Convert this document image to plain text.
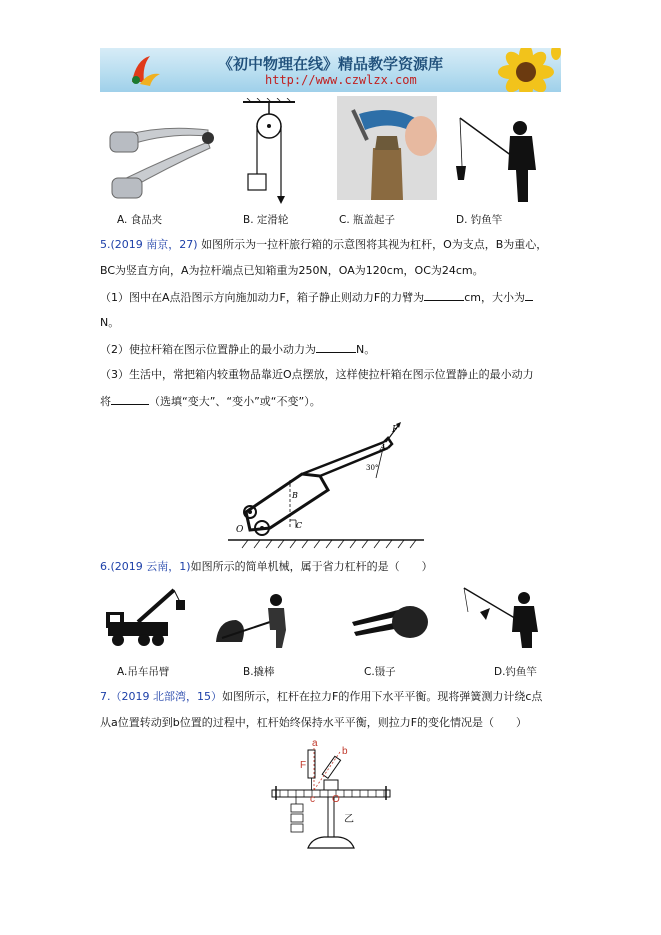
《初中物理在线》精品教学资源库
http://www.czwlzx.com
A. 食品夹	B. 定滑轮	C. 瓶盖起子	D. 钓鱼竿
5.(2019 南京，27) 如图所示为一拉杆旅行箱的示意图将其视为杠杆，O为支点，B为重心，
BC为竖直方向，A为拉杆端点已知箱重为250N，OA为120cm，OC为24cm。
（1）图中在A点沿图示方向施加动力F，箱子静止则动力F的力臂为	cm，大小为
N。
（2）使拉杆箱在图示位置静止的最小动力为	N。
（3）生活中，常把箱内较重物品靠近O点摆放，这样使拉杆箱在图示位置静止的最小动力
将	（选填“变大”、“变小”或“不变”）。
F
A
30°
B
O	C
6.(2019 云南，1)如图所示的简单机械，属于省力杠杆的是（　　）
A.吊车吊臂	B.撬棒	C.镊子	D.钓鱼竿
7.（2019 北部湾，15）如图所示，杠杆在拉力F的作用下水平平衡。现将弹簧测力计绕c点
从a位置转动到b位置的过程中，杠杆始终保持水平平衡，则拉力F的变化情况是（　　）
a
b
F
c O
乙
